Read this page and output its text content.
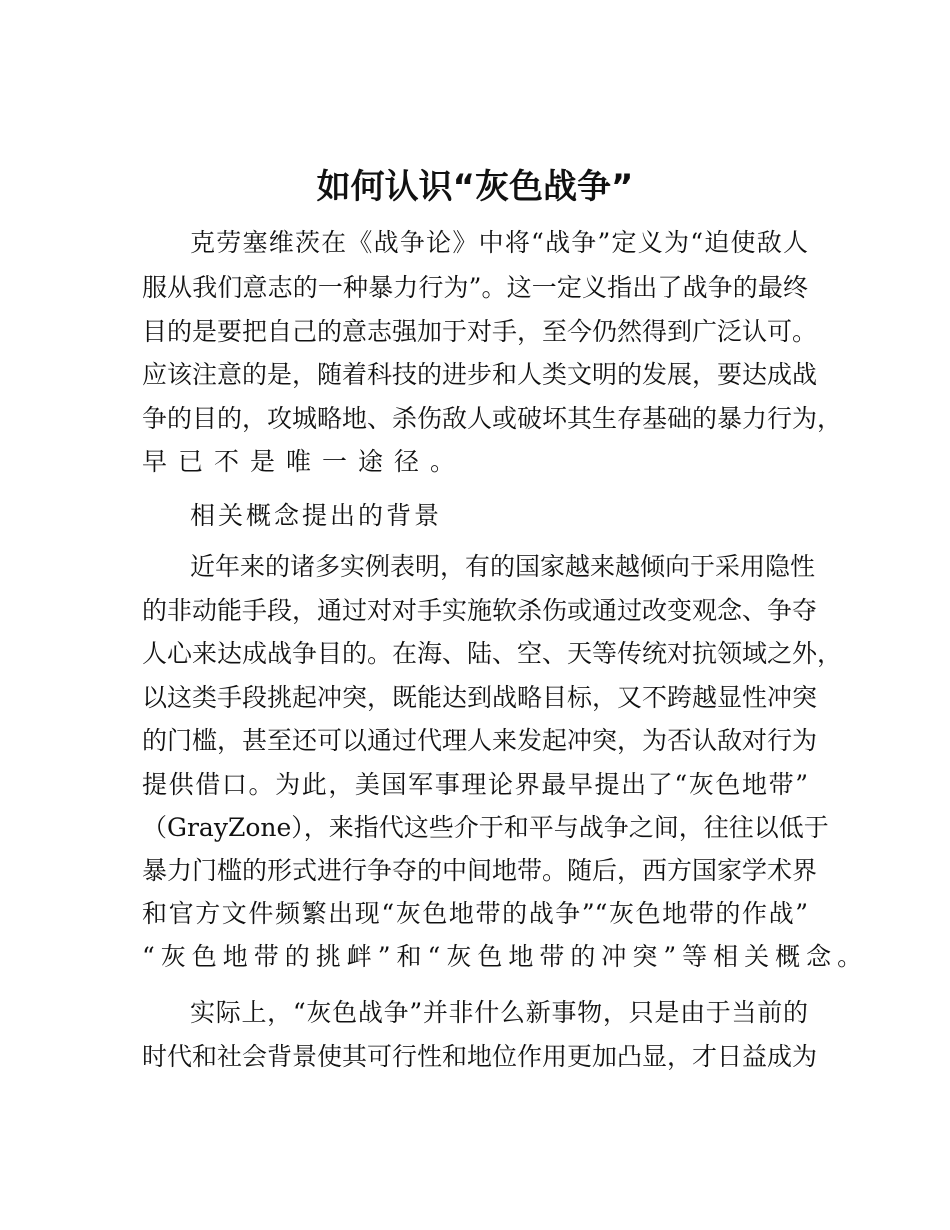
如何认识“灰色战争”
克劳塞维茨在《战争论》中将“战争”定义为“迫使敌人
服从我们意志的一种暴力行为”。这一定义指出了战争的最终
目的是要把自己的意志强加于对手，至今仍然得到广泛认可。
应该注意的是，随着科技的进步和人类文明的发展，要达成战
争的目的，攻城略地、杀伤敌人或破坏其生存基础的暴力行为，
早已不是唯一途径。
相关概念提出的背景
近年来的诸多实例表明，有的国家越来越倾向于采用隐性
的非动能手段，通过对对手实施软杀伤或通过改变观念、争夺
人心来达成战争目的。在海、陆、空、天等传统对抗领域之外，
以这类手段挑起冲突，既能达到战略目标，又不跨越显性冲突
的门槛，甚至还可以通过代理人来发起冲突，为否认敌对行为
提供借口。为此，美国军事理论界最早提出了“灰色地带”
（GrayZone），来指代这些介于和平与战争之间，往往以低于
暴力门槛的形式进行争夺的中间地带。随后，西方国家学术界
和官方文件频繁出现“灰色地带的战争”“灰色地带的作战”
“灰色地带的挑衅”和“灰色地带的冲突”等相关概念。
实际上，“灰色战争”并非什么新事物，只是由于当前的
时代和社会背景使其可行性和地位作用更加凸显，才日益成为
